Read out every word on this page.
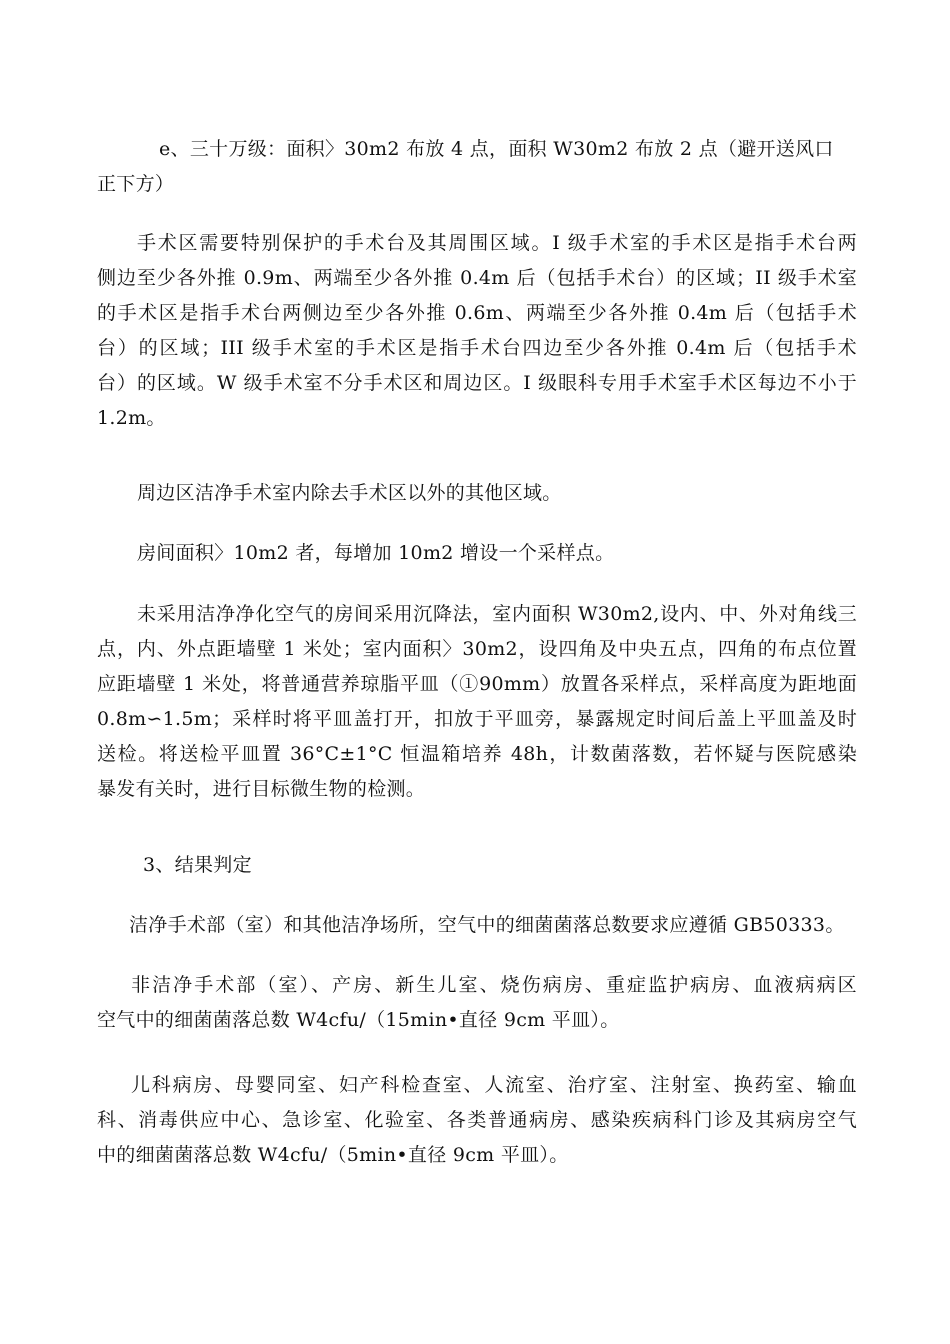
e、三十万级：面积〉30m2 布放 4 点，面积 W30m2 布放 2 点（避开送风口
正下方）
手术区需要特别保护的手术台及其周围区域。I 级手术室的手术区是指手术台两
侧边至少各外推 0.9m、两端至少各外推 0.4m 后（包括手术台）的区域；II 级手术室
的手术区是指手术台两侧边至少各外推 0.6m、两端至少各外推 0.4m 后（包括手术
台）的区域；III 级手术室的手术区是指手术台四边至少各外推 0.4m 后（包括手术
台）的区域。W 级手术室不分手术区和周边区。I 级眼科专用手术室手术区每边不小于
1.2m。
周边区洁净手术室内除去手术区以外的其他区域。
房间面积〉10m2 者，每增加 10m2 增设一个采样点。
未采用洁净净化空气的房间采用沉降法，室内面积 W30m2,设内、中、外对角线三
点，内、外点距墙壁 1 米处；室内面积〉30m2，设四角及中央五点，四角的布点位置
应距墙壁 1 米处，将普通营养琼脂平皿（①90mm）放置各采样点，采样高度为距地面
0.8m∽1.5m；采样时将平皿盖打开，扣放于平皿旁，暴露规定时间后盖上平皿盖及时
送检。将送检平皿置 36°C±1°C 恒温箱培养 48h，计数菌落数，若怀疑与医院感染
暴发有关时，进行目标微生物的检测。
3、结果判定
洁净手术部（室）和其他洁净场所，空气中的细菌菌落总数要求应遵循 GB50333。
非洁净手术部（室）、产房、新生儿室、烧伤病房、重症监护病房、血液病病区
空气中的细菌菌落总数 W4cfu/（15min•直径 9cm 平皿）。
儿科病房、母婴同室、妇产科检查室、人流室、治疗室、注射室、换药室、输血
科、消毒供应中心、急诊室、化验室、各类普通病房、感染疾病科门诊及其病房空气
中的细菌菌落总数 W4cfu/（5min•直径 9cm 平皿）。
